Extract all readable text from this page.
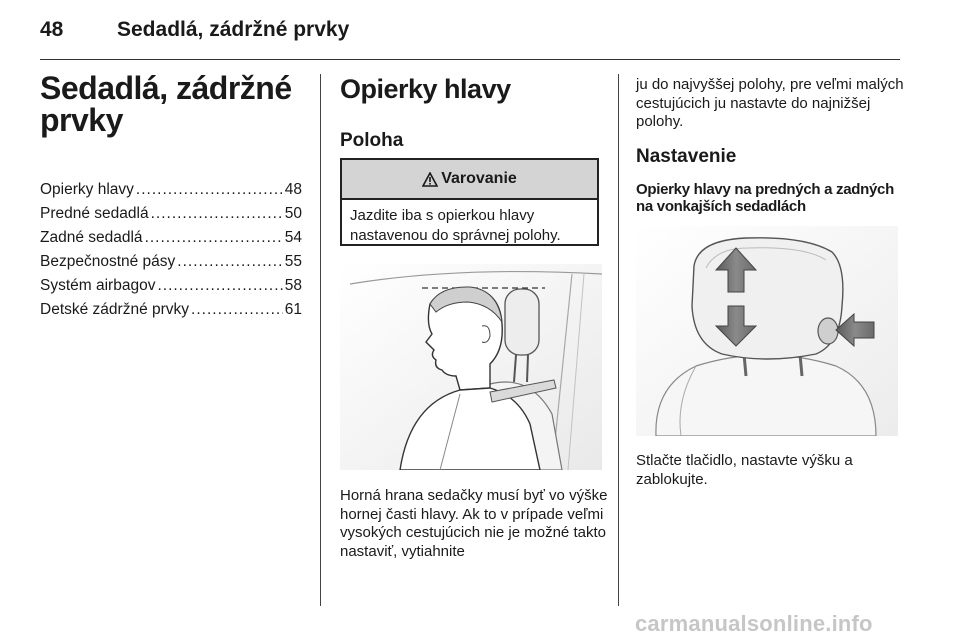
48	Sedadlá, zádržné prvky
Sedadlá, zádržné prvky
Opierky hlavy .....	48
Predné sedadlá .....	50
Zadné sedadlá .....	54
Bezpečnostné pásy .....	55
Systém airbagov .....	58
Detské zádržné prvky .....	61
Opierky hlavy
Poloha
Varovanie
Jazdite iba s opierkou hlavy nastavenou do správnej polohy.
Horná hrana sedačky musí byť vo výške hornej časti hlavy. Ak to v prípade veľmi vysokých cestujúcich nie je možné takto nastaviť, vytiahnite
ju do najvyššej polohy, pre veľmi malých cestujúcich ju nastavte do najnižšej polohy.
Nastavenie
Opierky hlavy na predných a zadných na vonkajších sedadlách
Stlačte tlačidlo, nastavte výšku a zablokujte.
carmanualsonline.info
